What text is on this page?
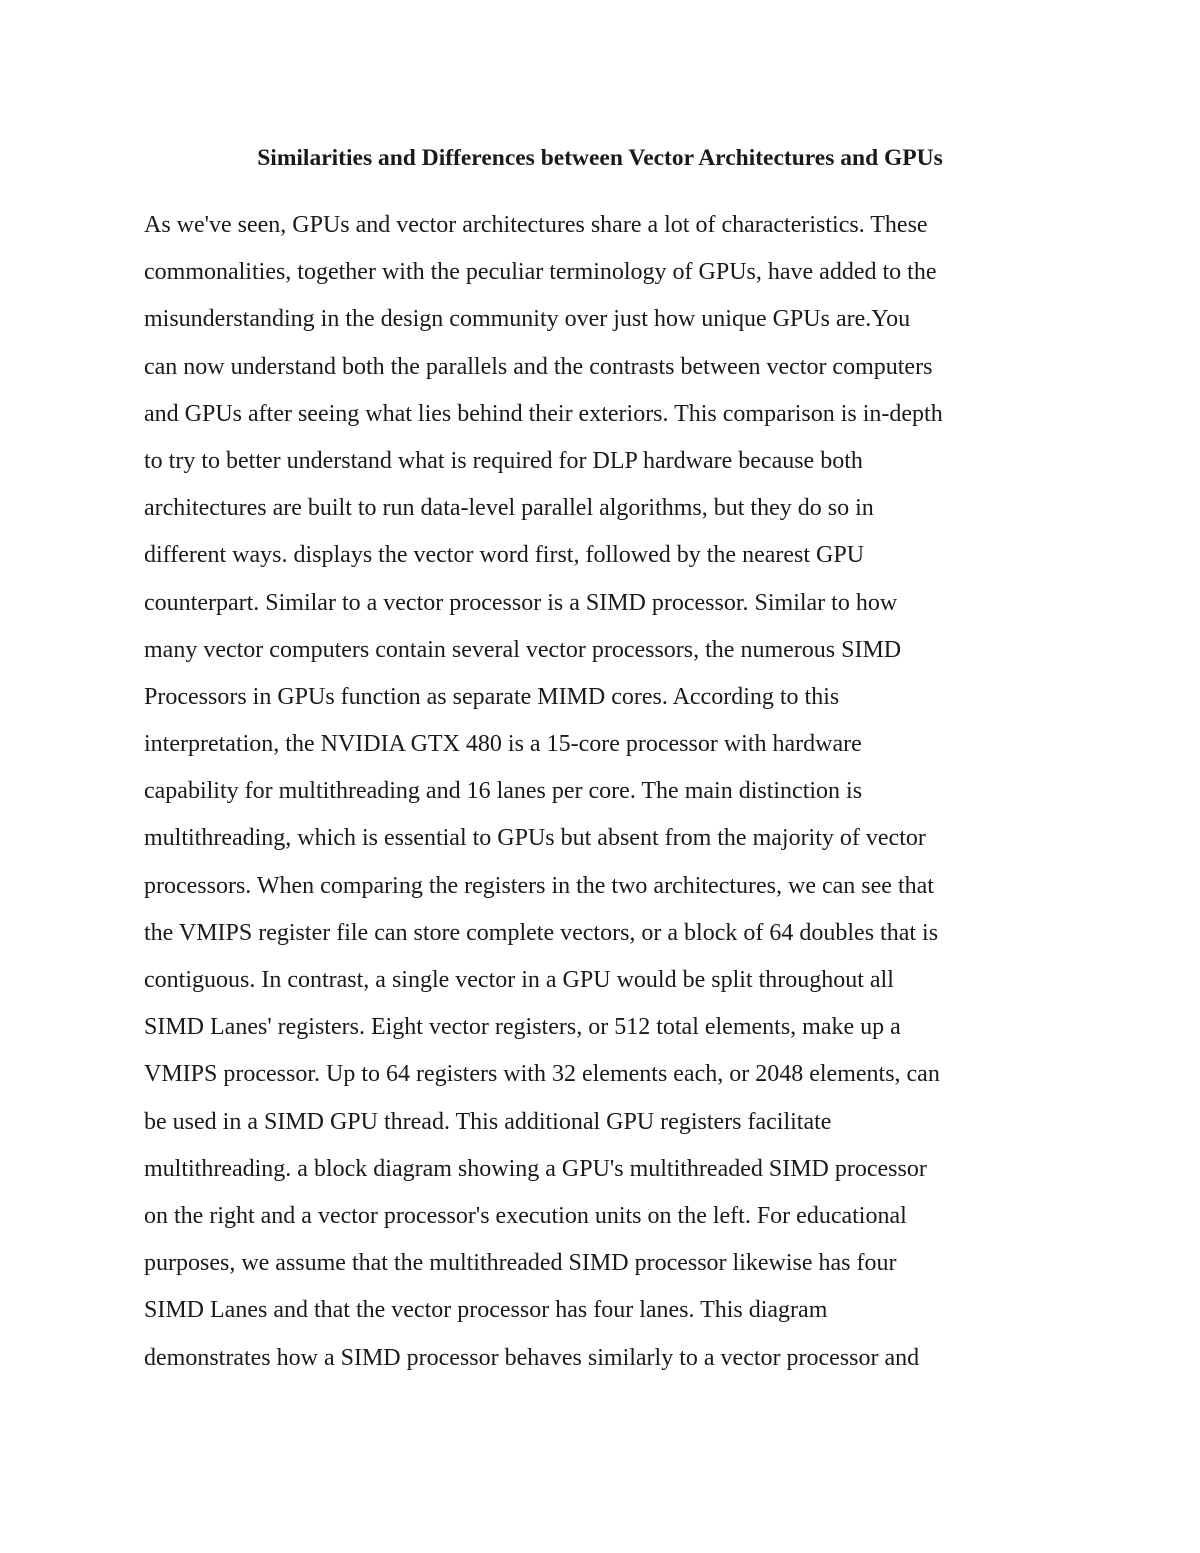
Similarities and Differences between Vector Architectures and GPUs
As we've seen, GPUs and vector architectures share a lot of characteristics. These
commonalities, together with the peculiar terminology of GPUs, have added to the
misunderstanding in the design community over just how unique GPUs are.You
can now understand both the parallels and the contrasts between vector computers
and GPUs after seeing what lies behind their exteriors. This comparison is in-depth
to try to better understand what is required for DLP hardware because both
architectures are built to run data-level parallel algorithms, but they do so in
different ways. displays the vector word first, followed by the nearest GPU
counterpart. Similar to a vector processor is a SIMD processor. Similar to how
many vector computers contain several vector processors, the numerous SIMD
Processors in GPUs function as separate MIMD cores. According to this
interpretation, the NVIDIA GTX 480 is a 15-core processor with hardware
capability for multithreading and 16 lanes per core. The main distinction is
multithreading, which is essential to GPUs but absent from the majority of vector
processors. When comparing the registers in the two architectures, we can see that
the VMIPS register file can store complete vectors, or a block of 64 doubles that is
contiguous. In contrast, a single vector in a GPU would be split throughout all
SIMD Lanes' registers. Eight vector registers, or 512 total elements, make up a
VMIPS processor. Up to 64 registers with 32 elements each, or 2048 elements, can
be used in a SIMD GPU thread. This additional GPU registers facilitate
multithreading. a block diagram showing a GPU's multithreaded SIMD processor
on the right and a vector processor's execution units on the left. For educational
purposes, we assume that the multithreaded SIMD processor likewise has four
SIMD Lanes and that the vector processor has four lanes. This diagram
demonstrates how a SIMD processor behaves similarly to a vector processor and
